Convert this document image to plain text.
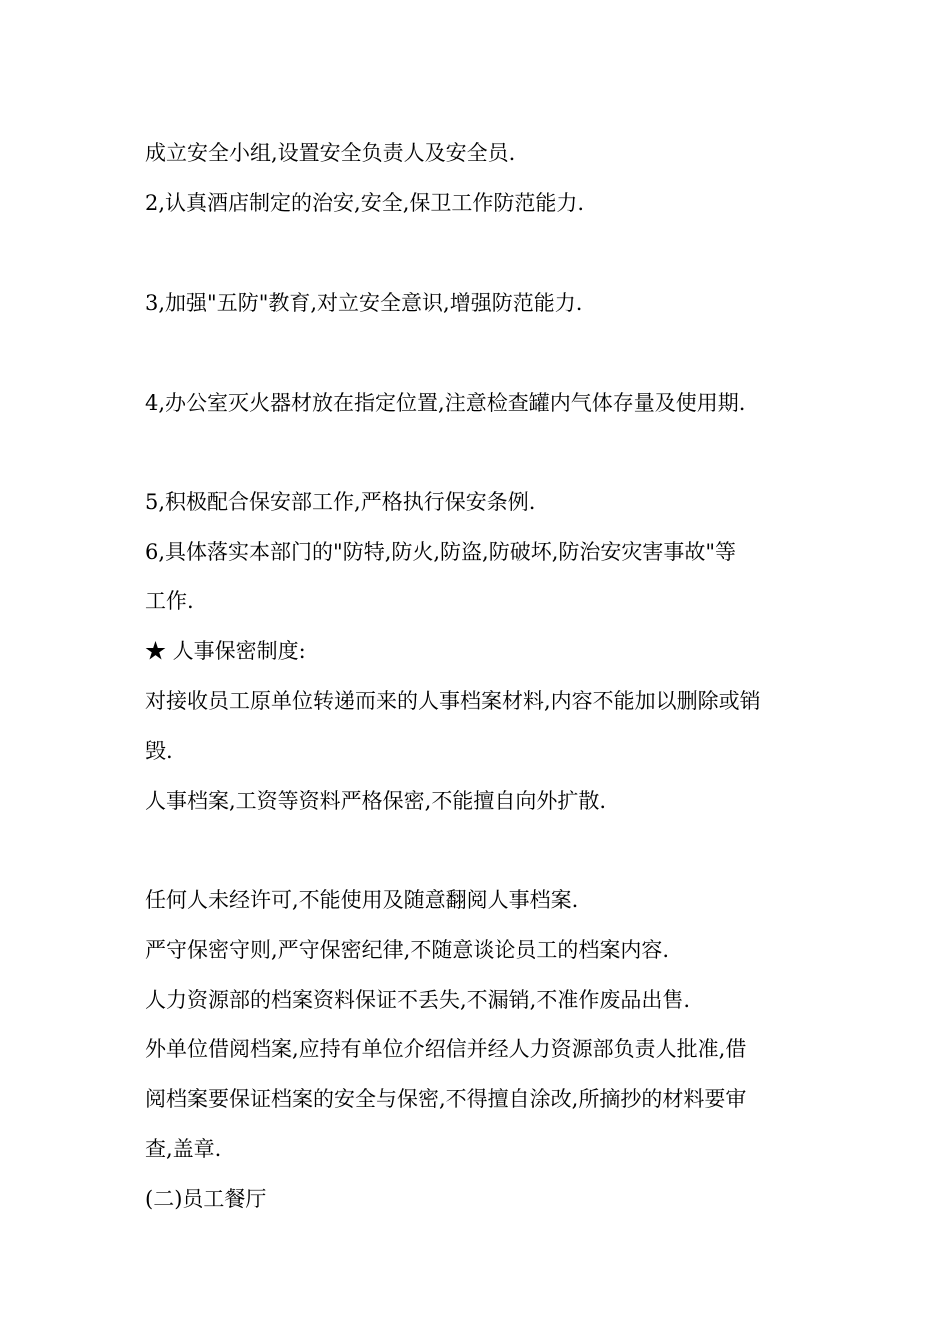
成立安全小组,设置安全负责人及安全员.
2,认真酒店制定的治安,安全,保卫工作防范能力.
3,加强"五防"教育,对立安全意识,增强防范能力.
4,办公室灭火器材放在指定位置,注意检查罐内气体存量及使用期.
5,积极配合保安部工作,严格执行保安条例.
6,具体落实本部门的"防特,防火,防盗,防破坏,防治安灾害事故"等
工作.
★ 人事保密制度:
对接收员工原单位转递而来的人事档案材料,内容不能加以删除或销
毁.
人事档案,工资等资料严格保密,不能擅自向外扩散.
任何人未经许可,不能使用及随意翻阅人事档案.
严守保密守则,严守保密纪律,不随意谈论员工的档案内容.
人力资源部的档案资料保证不丢失,不漏销,不准作废品出售.
外单位借阅档案,应持有单位介绍信并经人力资源部负责人批准,借
阅档案要保证档案的安全与保密,不得擅自涂改,所摘抄的材料要审
查,盖章.
(二)员工餐厅
